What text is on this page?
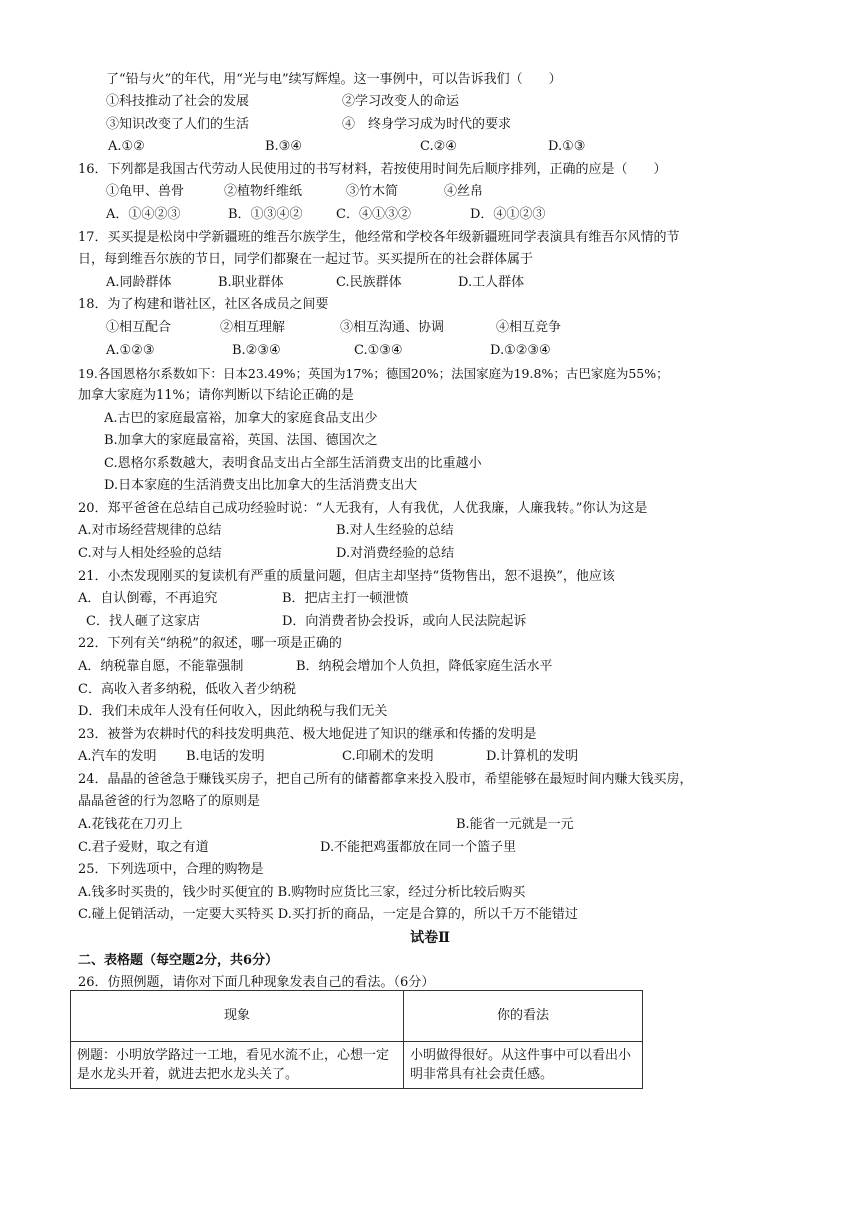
了“铅与火”的年代，用“光与电”续写辉煌。这一事例中，可以告诉我们（　　）
①科技推动了社会的发展	②学习改变人的命运
③知识改变了人们的生活	④　终身学习成为时代的要求
A.①②	B.③④	C.②④	D.①③
16．下列都是我国古代劳动人民使用过的书写材料，若按使用时间先后顺序排列，正确的应是（　　）
①龟甲、兽骨	②植物纤维纸	③竹木简	④丝帛
A．①④②③	B．①③④②	C．④①③②	D．④①②③
17．买买提是松岗中学新疆班的维吾尔族学生，他经常和学校各年级新疆班同学表演具有维吾尔风情的节
日，每到维吾尔族的节日，同学们都聚在一起过节。买买提所在的社会群体属于
A.同龄群体	B.职业群体	C.民族群体	D.工人群体
18．为了构建和谐社区，社区各成员之间要
①相互配合	②相互理解	③相互沟通、协调	④相互竞争
A.①②③	B.②③④	C.①③④	D.①②③④
19.各国恩格尔系数如下：日本23.49%；英国为17%；德国20%；法国家庭为19.8%；古巴家庭为55%；
加拿大家庭为11%；请你判断以下结论正确的是
A.古巴的家庭最富裕，加拿大的家庭食品支出少
B.加拿大的家庭最富裕，英国、法国、德国次之
C.恩格尔系数越大，表明食品支出占全部生活消费支出的比重越小
D.日本家庭的生活消费支出比加拿大的生活消费支出大
20．郑平爸爸在总结自己成功经验时说：“人无我有，人有我优，人优我廉，人廉我转。”你认为这是
A.对市场经营规律的总结	B.对人生经验的总结
C.对与人相处经验的总结	D.对消费经验的总结
21．小杰发现刚买的复读机有严重的质量问题，但店主却坚持“货物售出，恕不退换”，他应该
A．自认倒霉，不再追究	B．把店主打一顿泄愤
C．找人砸了这家店	D．向消费者协会投诉，或向人民法院起诉
22．下列有关“纳税”的叙述，哪一项是正确的
A．纳税靠自愿，不能靠强制	B．纳税会增加个人负担，降低家庭生活水平
C．高收入者多纳税，低收入者少纳税
D．我们未成年人没有任何收入，因此纳税与我们无关
23．被誉为农耕时代的科技发明典范、极大地促进了知识的继承和传播的发明是
A.汽车的发明 B.电话的发明	C.印刷术的发明	D.计算机的发明
24．晶晶的爸爸急于赚钱买房子，把自己所有的储蓄都拿来投入股市，希望能够在最短时间内赚大钱买房，
晶晶爸爸的行为忽略了的原则是
A.花钱花在刀刃上	B.能省一元就是一元
C.君子爱财，取之有道	D.不能把鸡蛋都放在同一个篮子里
25．下列选项中，合理的购物是
A.钱多时买贵的，钱少时买便宜的 B.购物时应货比三家，经过分析比较后购买
C.碰上促销活动，一定要大买特买 D.买打折的商品，一定是合算的，所以千万不能错过
试卷Ⅱ
二、表格题（每空题2分，共6分）
26．仿照例题，请你对下面几种现象发表自己的看法。（6分）
现象	你的看法
例题：小明放学路过一工地，看见水流不止，心想一定是水龙头开着，就进去把水龙头关了。	小明做得很好。从这件事中可以看出小明非常具有社会责任感。
